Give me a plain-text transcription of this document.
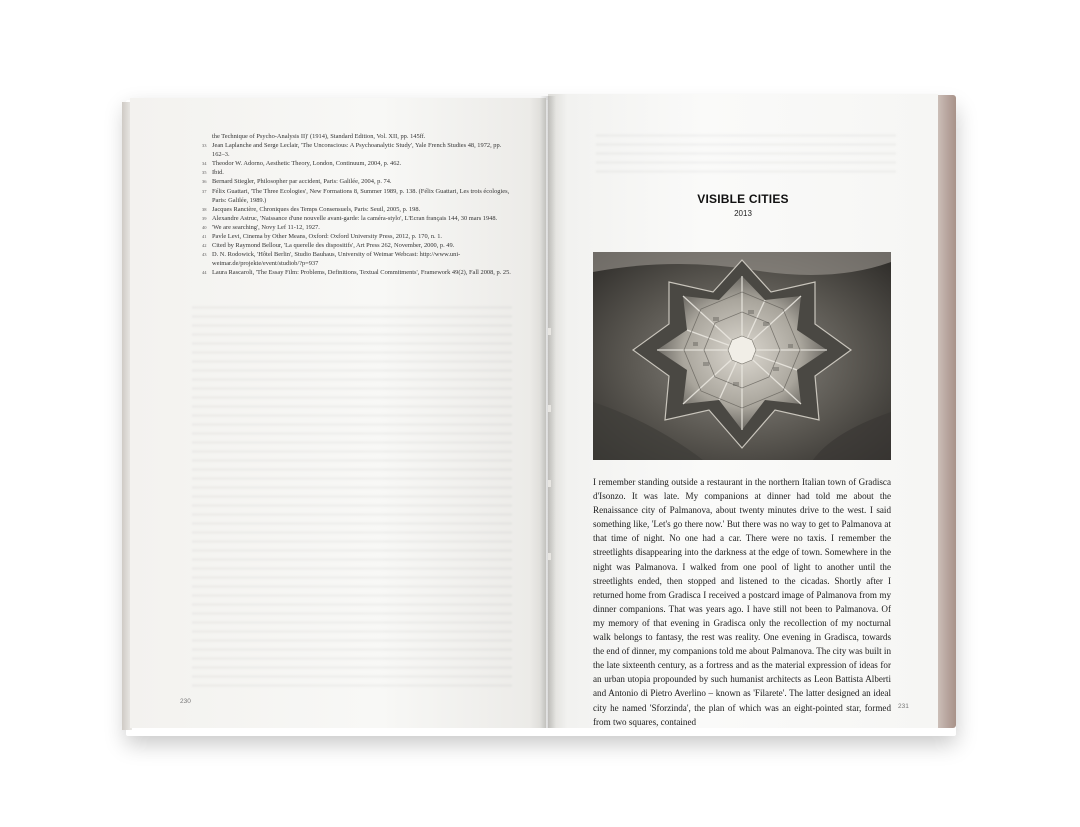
the Technique of Psycho-Analysis II)' (1914), Standard Edition, Vol. XII, pp. 145ff.
33 Jean Laplanche and Serge Leclair, 'The Unconscious: A Psychoanalytic Study', Yale French Studies 48, 1972, pp. 162–3.
34 Theodor W. Adorno, Aesthetic Theory, London, Continuum, 2004, p. 462.
35 Ibid.
36 Bernard Stiegler, Philosopher par accident, Paris: Galilée, 2004, p. 74.
37 Félix Guattari, 'The Three Ecologies', New Formations 8, Summer 1989, p. 138. (Félix Guattari, Les trois écologies, Paris: Galilée, 1989.)
38 Jacques Rancière, Chroniques des Temps Consensuels, Paris: Seuil, 2005, p. 198.
39 Alexandre Astruc, 'Naissance d'une nouvelle avant-garde: la caméra-stylo', L'Ecran français 144, 30 mars 1948.
40 'We are searching', Novy Lef 11-12, 1927.
41 Pavle Levi, Cinema by Other Means, Oxford: Oxford University Press, 2012, p. 170, n. 1.
42 Cited by Raymond Bellour, 'La querelle des dispositifs', Art Press 262, November, 2000, p. 49.
43 D. N. Rodowick, 'Hôtel Berlin', Studio Bauhaus, University of Weimar Webcast: http://www.uni-weimar.de/projekte/event/studiob/?p=937
44 Laura Rascaroli, 'The Essay Film: Problems, Definitions, Textual Commitments', Framework 49(2), Fall 2008, p. 25.
230
231
VISIBLE CITIES
2013

I remember standing outside a restaurant in the northern Italian town of Gradisca d'Isonzo. It was late. My companions at dinner had told me about the Renaissance city of Palmanova, about twenty minutes drive to the west. I said something like, 'Let's go there now.' But there was no way to get to Palmanova at that time of night. No one had a car. There were no taxis. I remember the streetlights disappearing into the darkness at the edge of town. Somewhere in the night was Palmanova. I walked from one pool of light to another until the streetlights ended, then stopped and listened to the cicadas. Shortly after I returned home from Gradisca I received a postcard image of Palmanova from my dinner companions. That was years ago. I have still not been to Palmanova. Of my memory of that evening in Gradisca only the recollection of my nocturnal walk belongs to fantasy, the rest was reality. One evening in Gradisca, towards the end of dinner, my companions told me about Palmanova. The city was built in the late sixteenth century, as a fortress and as the material expression of ideas for an urban utopia propounded by such humanist architects as Leon Battista Alberti and Antonio di Pietro Averlino – known as 'Filarete'. The latter designed an ideal city he named 'Sforzinda', the plan of which was an eight-pointed star, formed from two squares, contained
